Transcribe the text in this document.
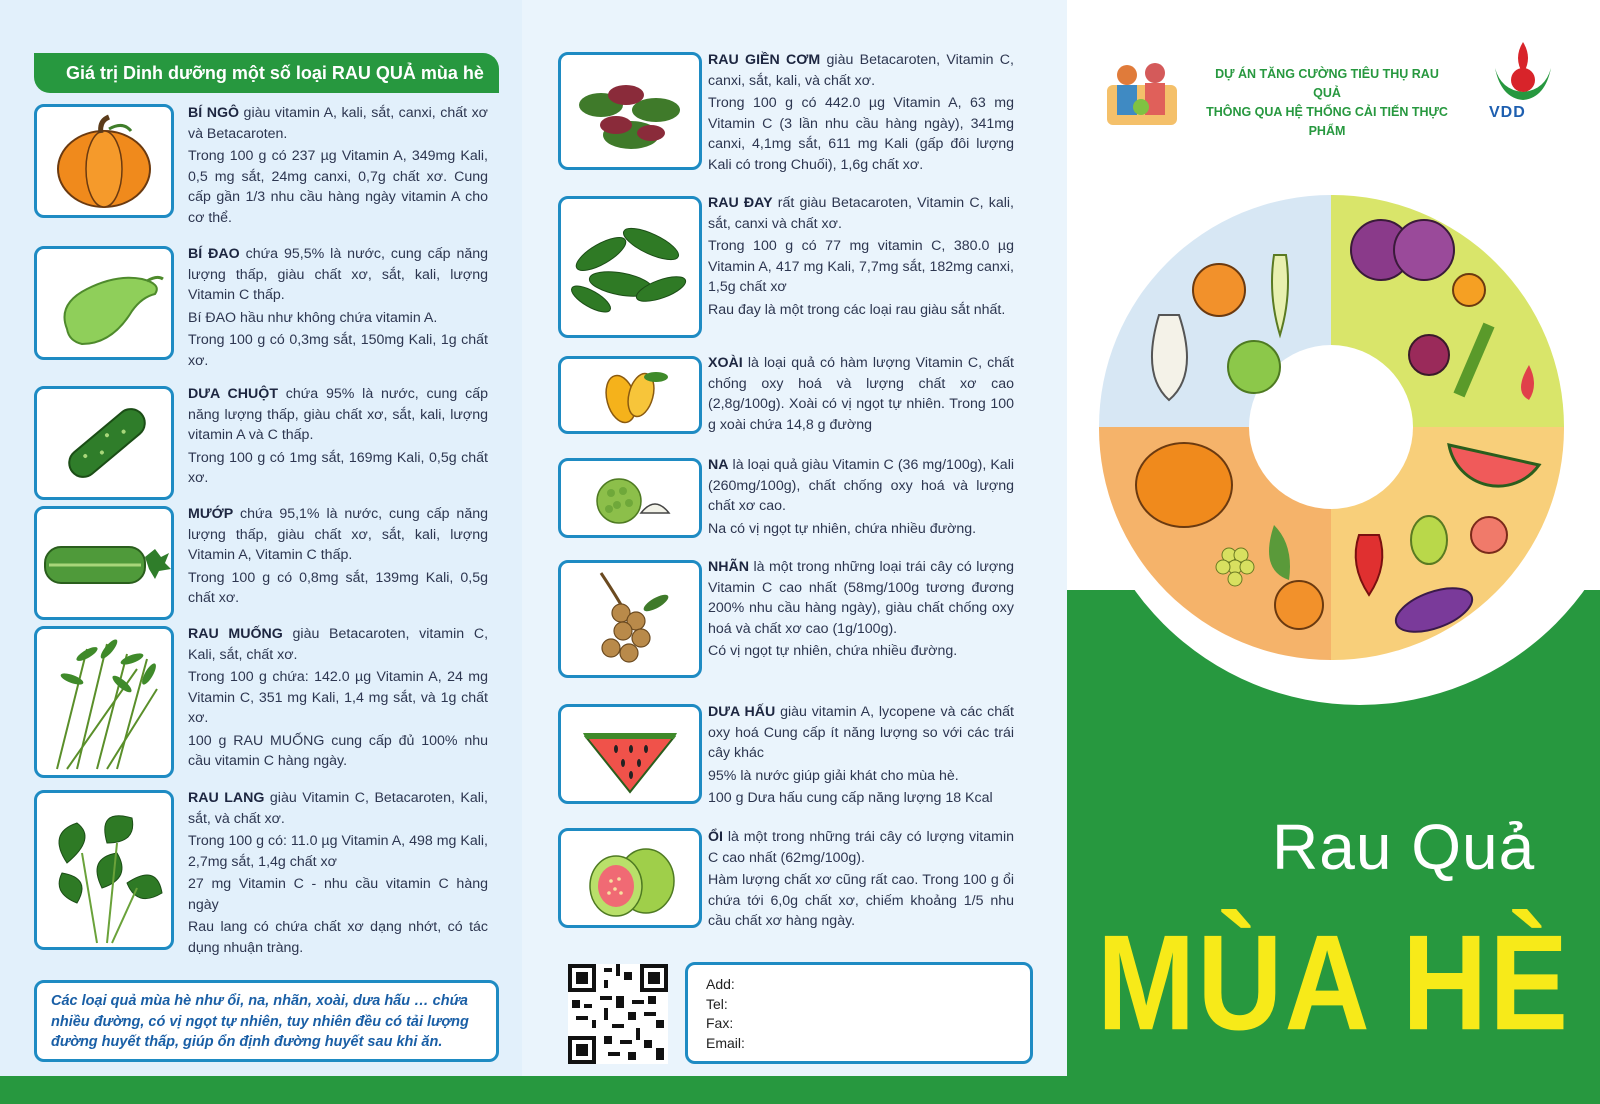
Giá trị Dinh dưỡng một số loại RAU QUẢ mùa hè

BÍ NGÔ giàu vitamin A, kali, sắt, canxi, chất xơ và Betacaroten.

Trong 100 g có 237 µg Vitamin A, 349mg Kali, 0,5 mg sắt, 24mg canxi, 0,7g chất xơ. Cung cấp gần 1/3 nhu cầu hàng ngày vitamin A cho cơ thể.

BÍ ĐAO chứa 95,5% là nước, cung cấp năng lượng thấp, giàu chất xơ, sắt, kali, lượng Vitamin C thấp.

Bí ĐAO hầu như không chứa vitamin A.

Trong 100 g có 0,3mg sắt, 150mg Kali, 1g chất xơ.

DƯA CHUỘT chứa 95% là nước, cung cấp năng lượng thấp, giàu chất xơ, sắt, kali, lượng vitamin A và C thấp.

Trong 100 g có 1mg sắt, 169mg Kali, 0,5g chất xơ.

MƯỚP chứa 95,1% là nước, cung cấp năng lượng thấp, giàu chất xơ, sắt, kali, lượng Vitamin A, Vitamin C thấp.

Trong 100 g có 0,8mg sắt, 139mg Kali, 0,5g chất xơ.

RAU MUỐNG giàu Betacaroten, vitamin C, Kali, sắt, chất xơ.

Trong 100 g chứa: 142.0 µg Vitamin A, 24 mg Vitamin C, 351 mg Kali, 1,4 mg sắt, và 1g chất xơ.

100 g RAU MUỐNG cung cấp đủ 100% nhu cầu vitamin C hàng ngày.

RAU LANG giàu Vitamin C, Betacaroten, Kali, sắt, và chất xơ.

Trong 100 g có: 11.0 µg Vitamin A, 498 mg Kali, 2,7mg sắt, 1,4g chất xơ

27 mg Vitamin C - nhu cầu vitamin C hàng ngày

Rau lang có chứa chất xơ dạng nhớt, có tác dụng nhuận tràng.

Các loại quả mùa hè như ổi, na, nhãn, xoài, dưa hấu … chứa nhiều đường, có vị ngọt tự nhiên, tuy nhiên đều có tải lượng đường huyết thấp, giúp ổn định đường huyết sau khi ăn.

RAU GIỀN CƠM giàu Betacaroten, Vitamin C, canxi, sắt, kali, và chất xơ.

Trong 100 g có 442.0 µg Vitamin A, 63 mg Vitamin C (3 lần nhu cầu hàng ngày), 341mg canxi, 4,1mg sắt, 611 mg Kali (gấp đôi lượng Kali có trong Chuối), 1,6g chất xơ.

RAU ĐAY rất giàu Betacaroten, Vitamin C, kali, sắt, canxi và chất xơ.

Trong 100 g có 77 mg vitamin C, 380.0 µg Vitamin A, 417 mg Kali, 7,7mg sắt, 182mg canxi, 1,5g chất xơ

Rau đay là một trong các loại rau giàu sắt nhất.

XOÀI là loại quả có hàm lượng Vitamin C, chất chống oxy hoá và lượng chất xơ cao (2,8g/100g). Xoài có vị ngọt tự nhiên. Trong 100 g xoài chứa 14,8 g đường

NA là loại quả giàu Vitamin C (36 mg/100g), Kali (260mg/100g), chất chống oxy hoá và lượng chất xơ cao.

Na có vị ngọt tự nhiên, chứa nhiều đường.

NHÃN là một trong những loại trái cây có lượng Vitamin C cao nhất (58mg/100g tương đương 200% nhu cầu hàng ngày), giàu chất chống oxy hoá và chất xơ cao (1g/100g).

Có vị ngọt tự nhiên, chứa nhiều đường.

DƯA HẤU giàu vitamin A, lycopene và các chất oxy hoá Cung cấp ít năng lượng so với các trái cây khác

95% là nước giúp giải khát cho mùa hè.

100 g Dưa hấu cung cấp năng lượng 18 Kcal

ỔI là một trong những trái cây có lượng vitamin C cao nhất (62mg/100g).

Hàm lượng chất xơ cũng rất cao. Trong 100 g ổi chứa tới 6,0g chất xơ, chiếm khoảng 1/5 nhu cầu chất xơ hàng ngày.

Add:
Tel:
Fax:
Email:
DỰ ÁN TĂNG CƯỜNG TIÊU THỤ RAU QUẢ
THÔNG QUA HỆ THỐNG CẢI TIẾN THỰC PHẨM
VDD
Rau Quả
MÙA HÈ
